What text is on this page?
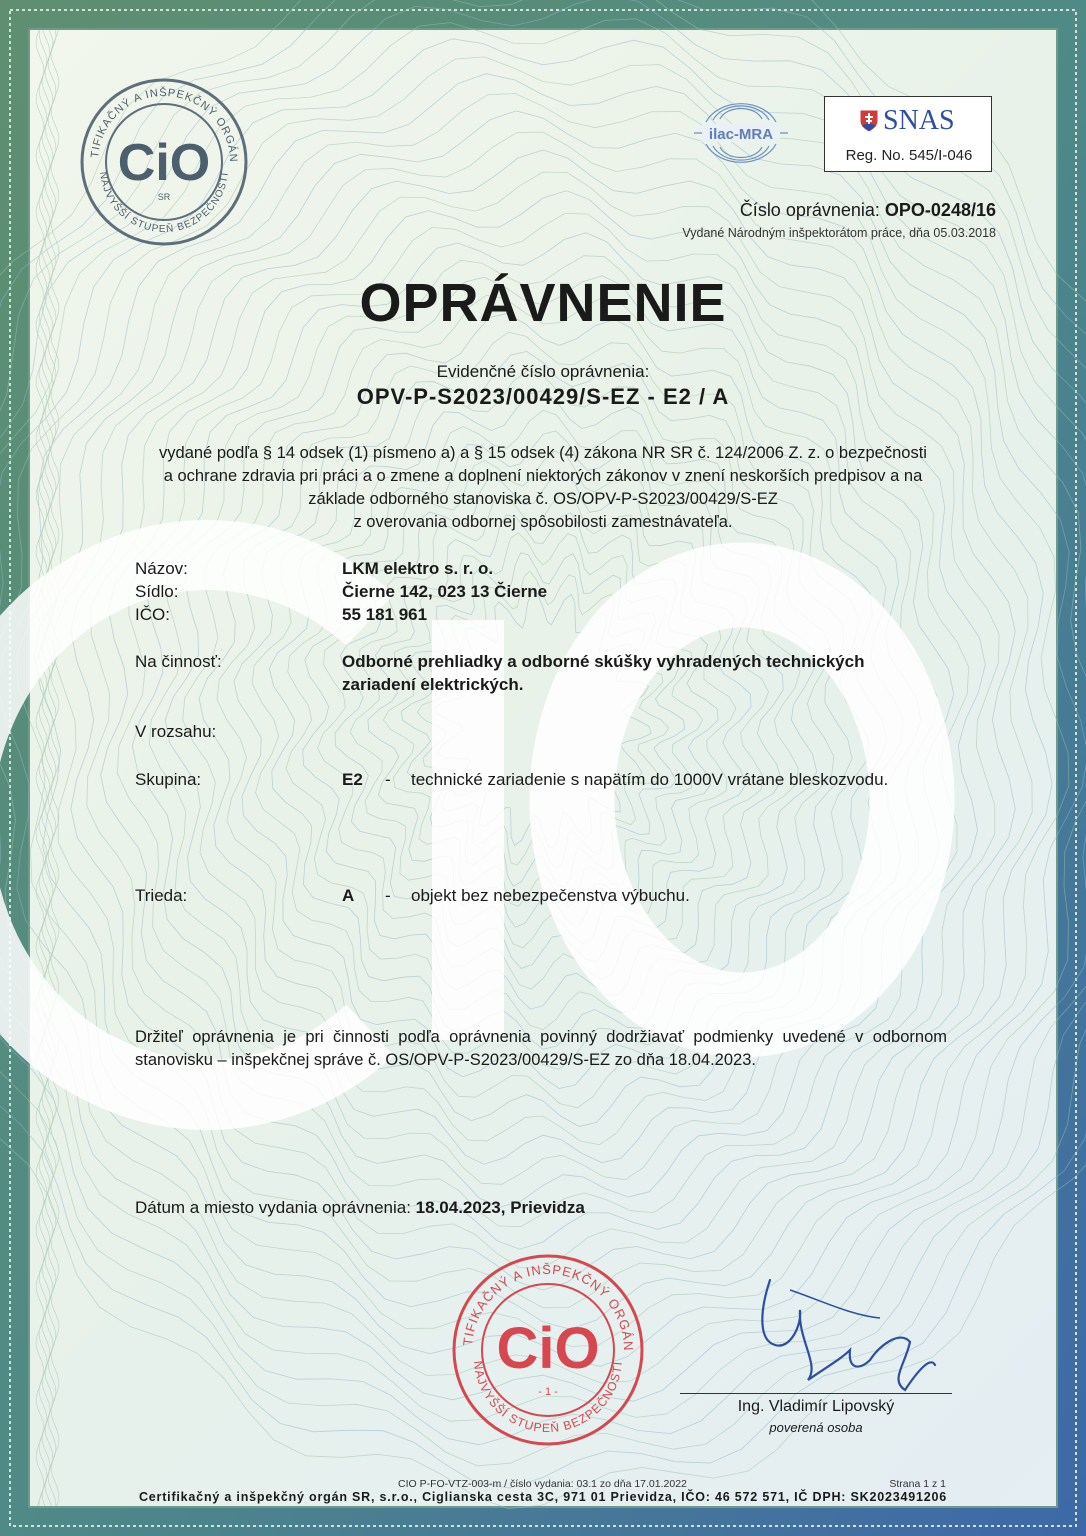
TIFIKAČNÝ A INŠPEKČNÝ ORGÁN
NAJVYŠŠÍ STUPEŇ BEZPEČNOSTI
CiO
SR
ilac-MRA	SNAS
Reg. No. 545/I-046
Číslo oprávnenia: OPO-0248/16
Vydané Národným inšpektorátom práce, dňa 05.03.2018
OPRÁVNENIE
Evidenčné číslo oprávnenia:
OPV-P-S2023/00429/S-EZ - E2 / A
vydané podľa § 14 odsek (1) písmeno a) a § 15 odsek (4) zákona NR SR č. 124/2006 Z. z. o bezpečnosti
a ochrane zdravia pri práci a o zmene a doplnení niektorých zákonov v znení neskorších predpisov a na
základe odborného stanoviska č. OS/OPV-P-S2023/00429/S-EZ
z overovania odbornej spôsobilosti zamestnávateľa.
Názov:	LKM elektro s. r. o.
Sídlo:	Čierne 142, 023 13 Čierne
IČO:	55 181 961
Na činnosť:	Odborné prehliadky a odborné skúšky vyhradených technických
zariadení elektrických.
V rozsahu:
Skupina:	E2 - technické zariadenie s napätím do 1000V vrátane bleskozvodu.
Trieda:	A - objekt bez nebezpečenstva výbuchu.
Držiteľ oprávnenia je pri činnosti podľa oprávnenia povinný dodržiavať podmienky uvedené v odbornom
stanovisku – inšpekčnej správe č. OS/OPV-P-S2023/00429/S-EZ zo dňa 18.04.2023.
Dátum a miesto vydania oprávnenia: 18.04.2023, Prievidza
TIFIKAČNÝ A INŠPEKČNÝ ORGÁN
NAJVYŠŠÍ STUPEŇ BEZPEČNOSTI
CiO
- 1 -
Ing. Vladimír Lipovský
poverená osoba
CIO P-FO-VTZ-003-m / číslo vydania: 03.1 zo dňa 17.01.2022	Strana 1 z 1
Certifikačný a inšpekčný orgán SR, s.r.o., Ciglianska cesta 3C, 971 01 Prievidza, IČO: 46 572 571, IČ DPH: SK2023491206
